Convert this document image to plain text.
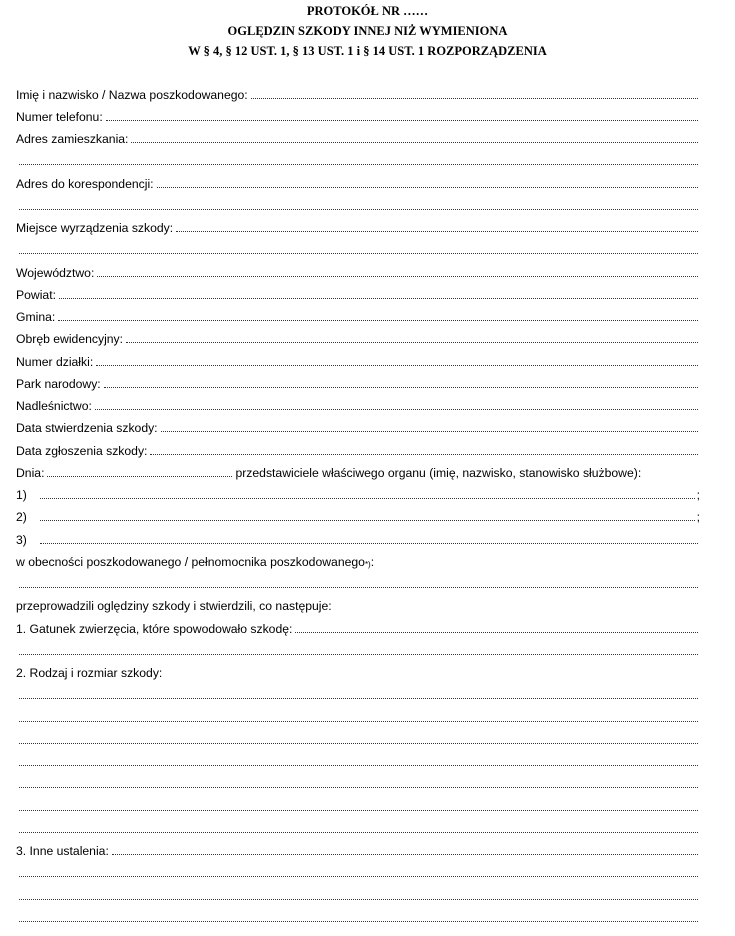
PROTOKÓŁ NR ……
OGLĘDZIN SZKODY INNEJ NIŻ WYMIENIONA
W § 4, § 12 UST. 1, § 13 UST. 1 i § 14 UST. 1 ROZPORZĄDZENIA
Imię i nazwisko / Nazwa poszkodowanego:
Numer telefonu:
Adres zamieszkania:
Adres do korespondencji:
Miejsce wyrządzenia szkody:
Województwo:
Powiat:
Gmina:
Obręb ewidencyjny:
Numer działki:
Park narodowy:
Nadleśnictwo:
Data stwierdzenia szkody:
Data zgłoszenia szkody:
Dnia:	przedstawiciele właściwego organu (imię, nazwisko, stanowisko służbowe):
1)	;
2)	;
3)
w obecności poszkodowanego / pełnomocnika poszkodowanego *) :
przeprowadzili oględziny szkody i stwierdzili, co następuje:
1. Gatunek zwierzęcia, które spowodowało szkodę:
2. Rodzaj i rozmiar szkody:
3. Inne ustalenia:
